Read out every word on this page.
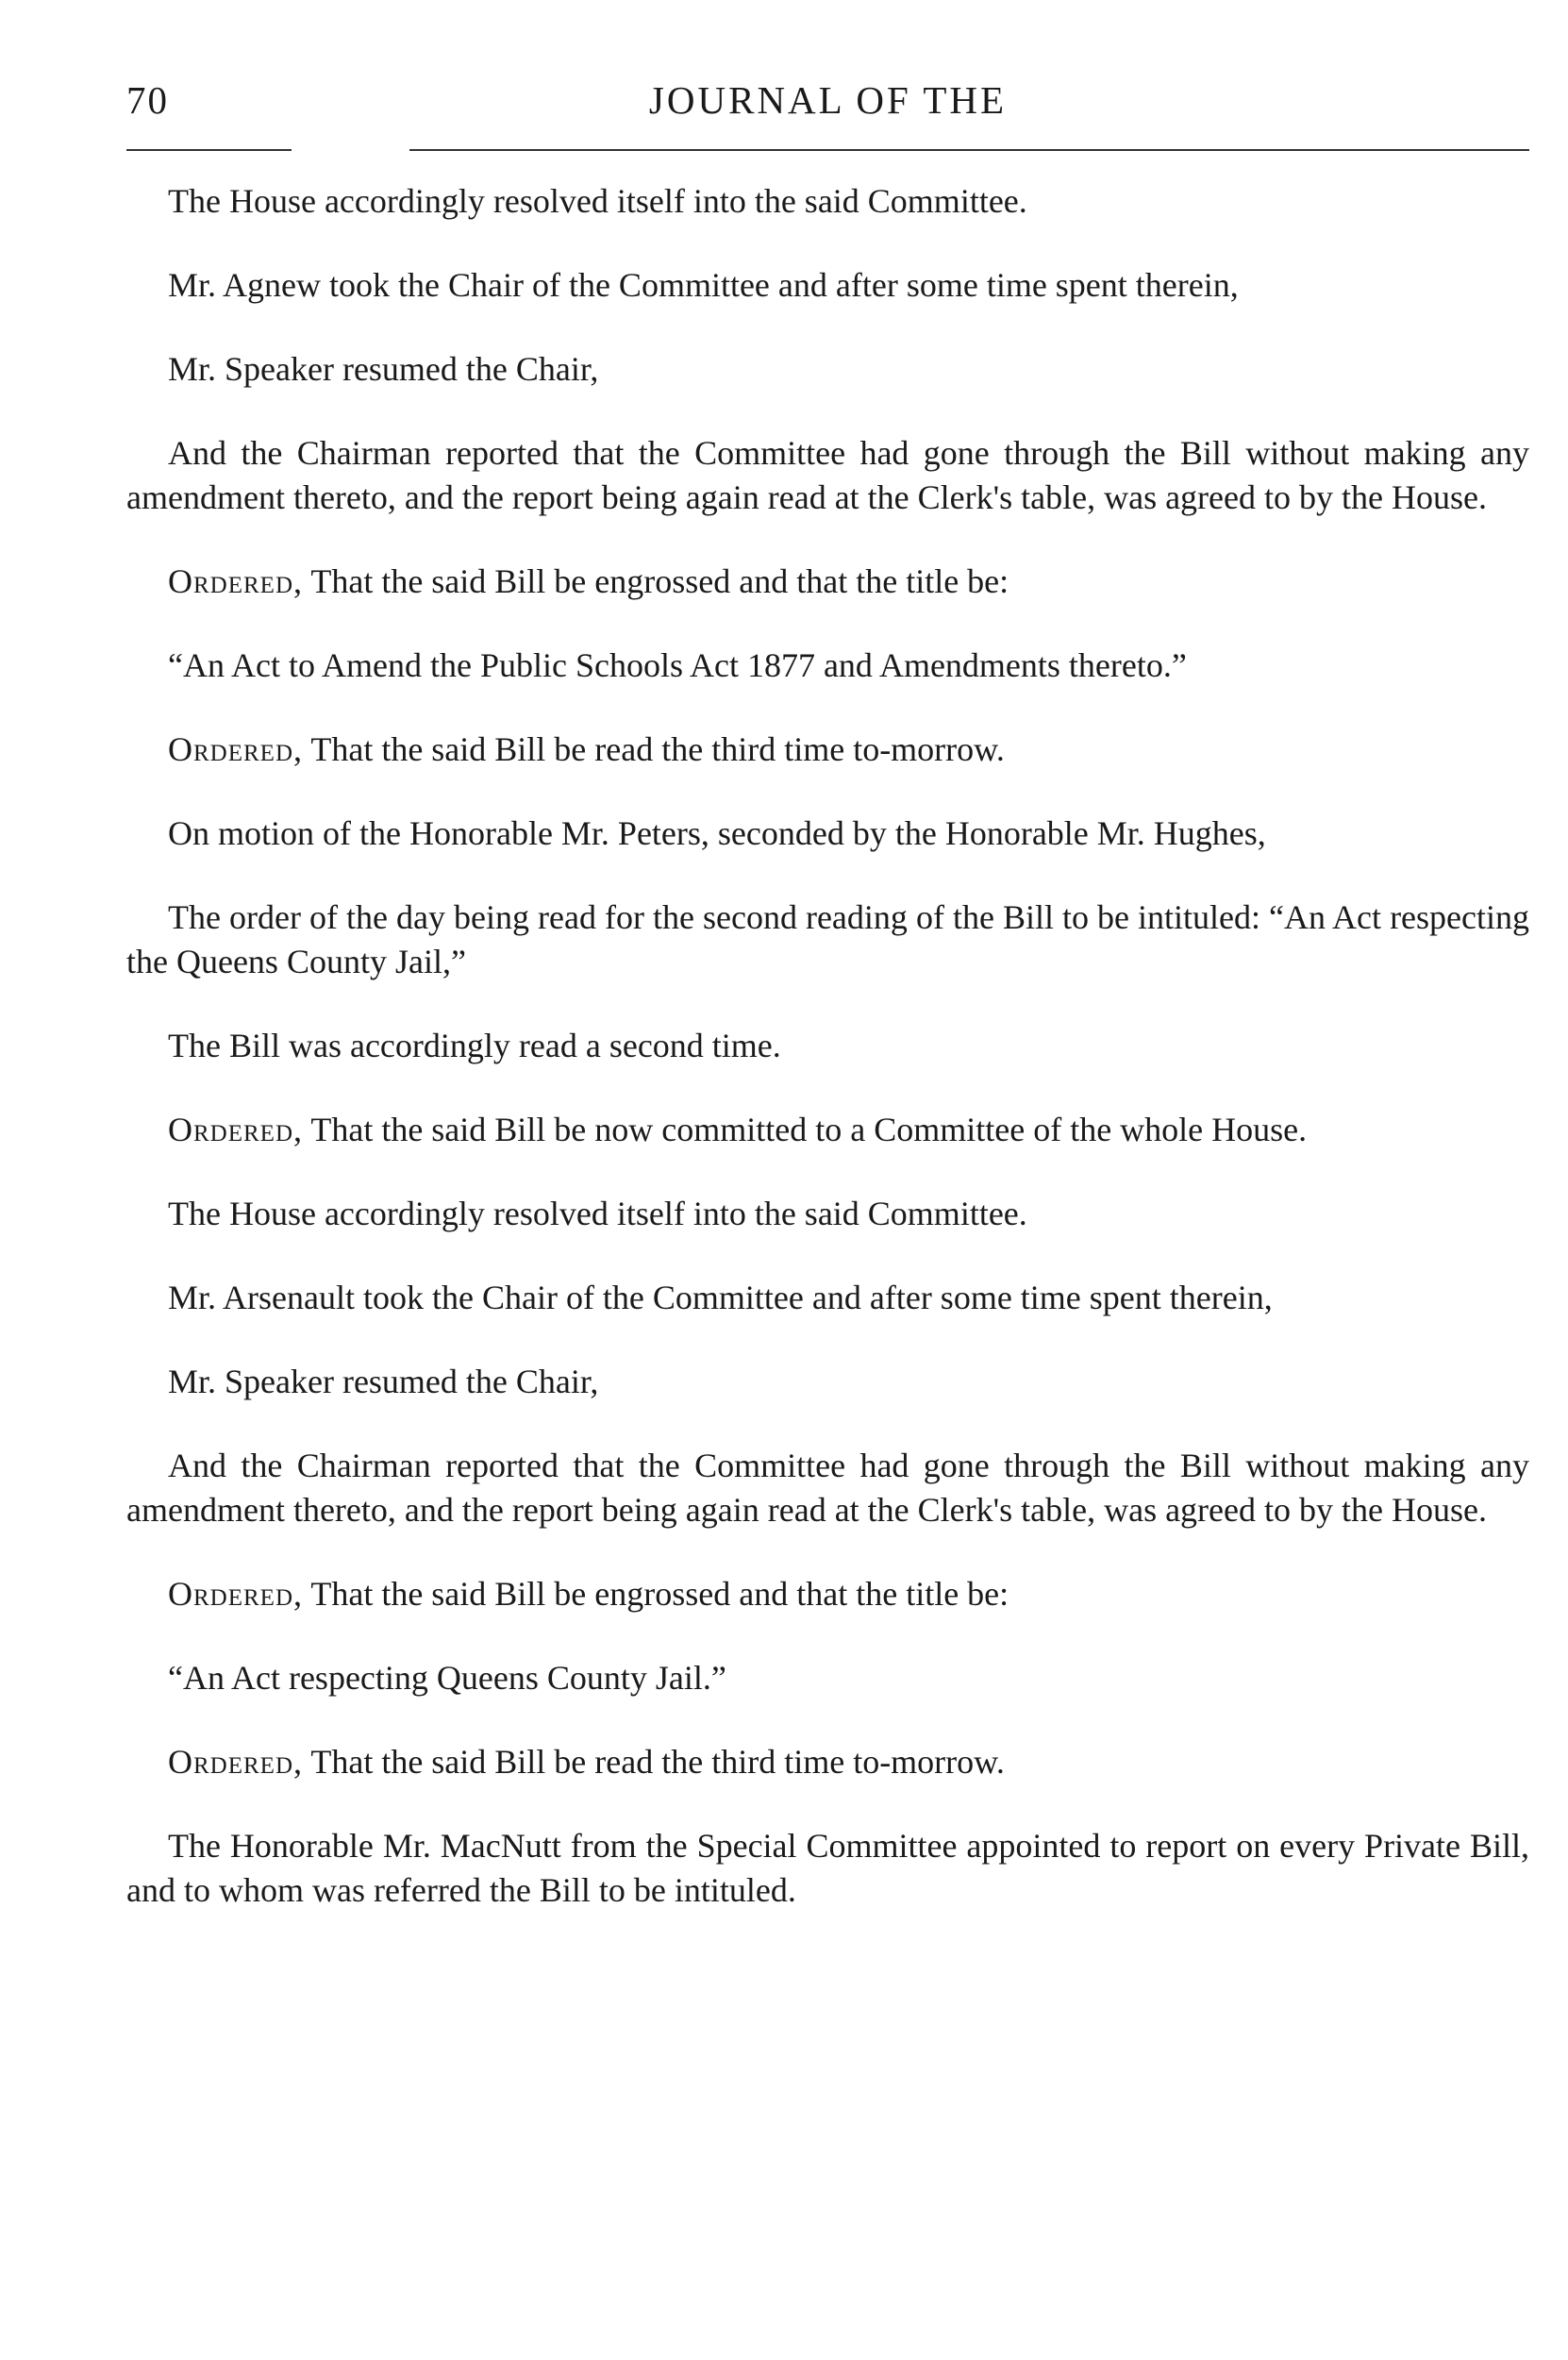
70	JOURNAL OF THE

The House accordingly resolved itself into the said Committee.

Mr. Agnew took the Chair of the Committee and after some time spent therein,

Mr. Speaker resumed the Chair,

And the Chairman reported that the Committee had gone through the Bill without making any amendment thereto, and the report being again read at the Clerk's table, was agreed to by the House.

Ordered, That the said Bill be engrossed and that the title be:

“An Act to Amend the Public Schools Act 1877 and Amendments thereto.”

Ordered, That the said Bill be read the third time to-morrow.

On motion of the Honorable Mr. Peters, seconded by the Honorable Mr. Hughes,

The order of the day being read for the second reading of the Bill to be intituled: “An Act respecting the Queens County Jail,”

The Bill was accordingly read a second time.

Ordered, That the said Bill be now committed to a Committee of the whole House.

The House accordingly resolved itself into the said Committee.

Mr. Arsenault took the Chair of the Committee and after some time spent therein,

Mr. Speaker resumed the Chair,

And the Chairman reported that the Committee had gone through the Bill without making any amendment thereto, and the report being again read at the Clerk's table, was agreed to by the House.

Ordered, That the said Bill be engrossed and that the title be:

“An Act respecting Queens County Jail.”

Ordered, That the said Bill be read the third time to-morrow.

The Honorable Mr. MacNutt from the Special Committee appointed to report on every Private Bill, and to whom was referred the Bill to be intituled.
